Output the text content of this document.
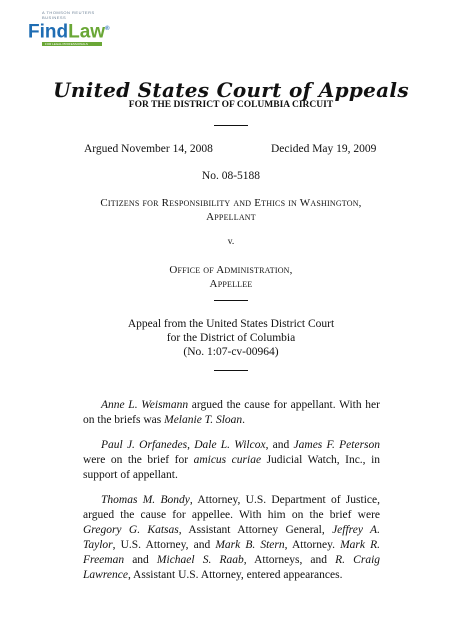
A THOMSON REUTERS BUSINESS
FindLaw®
FOR LEGAL PROFESSIONALS
United States Court of Appeals
FOR THE DISTRICT OF COLUMBIA CIRCUIT
Argued November 14, 2008	Decided May 19, 2009
No. 08-5188
Citizens for Responsibility and Ethics in Washington,
Appellant
v.
Office of Administration,
Appellee
Appeal from the United States District Court
for the District of Columbia
(No. 1:07-cv-00964)
Anne L. Weismann argued the cause for appellant. With her on the briefs was Melanie T. Sloan.
Paul J. Orfanedes, Dale L. Wilcox, and James F. Peterson were on the brief for amicus curiae Judicial Watch, Inc., in support of appellant.
Thomas M. Bondy, Attorney, U.S. Department of Justice, argued the cause for appellee. With him on the brief were Gregory G. Katsas, Assistant Attorney General, Jeffrey A. Taylor, U.S. Attorney, and Mark B. Stern, Attorney. Mark R. Freeman and Michael S. Raab, Attorneys, and R. Craig Lawrence, Assistant U.S. Attorney, entered appearances.
